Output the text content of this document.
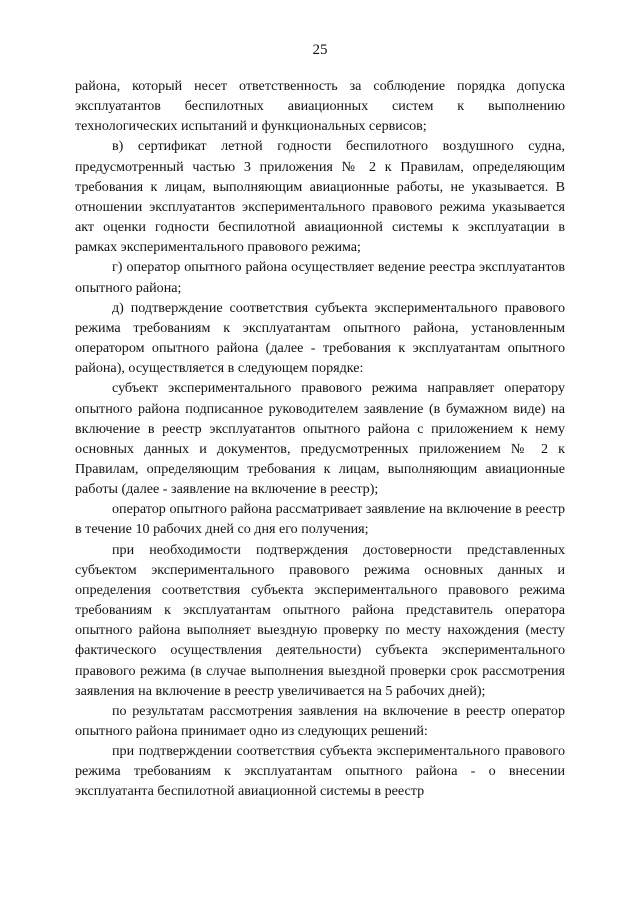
25

района, который несет ответственность за соблюдение порядка допуска эксплуатантов беспилотных авиационных систем к выполнению технологических испытаний и функциональных сервисов;

в) сертификат летной годности беспилотного воздушного судна, предусмотренный частью 3 приложения № 2 к Правилам, определяющим требования к лицам, выполняющим авиационные работы, не указывается. В отношении эксплуатантов экспериментального правового режима указывается акт оценки годности беспилотной авиационной системы к эксплуатации в рамках экспериментального правового режима;

г) оператор опытного района осуществляет ведение реестра эксплуатантов опытного района;

д) подтверждение соответствия субъекта экспериментального правового режима требованиям к эксплуатантам опытного района, установленным оператором опытного района (далее - требования к эксплуатантам опытного района), осуществляется в следующем порядке:

субъект экспериментального правового режима направляет оператору опытного района подписанное руководителем заявление (в бумажном виде) на включение в реестр эксплуатантов опытного района с приложением к нему основных данных и документов, предусмотренных приложением № 2 к Правилам, определяющим требования к лицам, выполняющим авиационные работы (далее - заявление на включение в реестр);

оператор опытного района рассматривает заявление на включение в реестр в течение 10 рабочих дней со дня его получения;

при необходимости подтверждения достоверности представленных субъектом экспериментального правового режима основных данных и определения соответствия субъекта экспериментального правового режима требованиям к эксплуатантам опытного района представитель оператора опытного района выполняет выездную проверку по месту нахождения (месту фактического осуществления деятельности) субъекта экспериментального правового режима (в случае выполнения выездной проверки срок рассмотрения заявления на включение в реестр увеличивается на 5 рабочих дней);

по результатам рассмотрения заявления на включение в реестр оператор опытного района принимает одно из следующих решений:

при подтверждении соответствия субъекта экспериментального правового режима требованиям к эксплуатантам опытного района - о внесении эксплуатанта беспилотной авиационной системы в реестр
